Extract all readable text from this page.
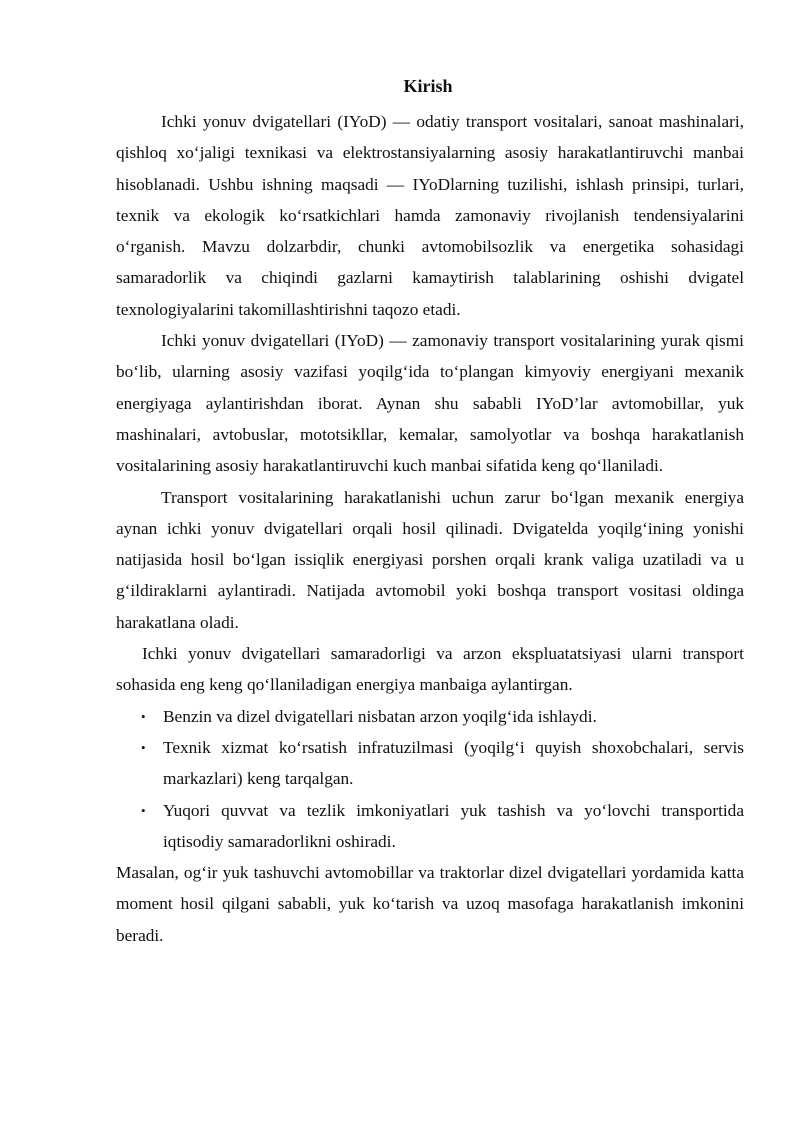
Kirish

Ichki yonuv dvigatellari (IYoD) — odatiy transport vositalari, sanoat mashinalari, qishloq xo‘jaligi texnikasi va elektrostansiyalarning asosiy harakatlantiruvchi manbai hisoblanadi. Ushbu ishning maqsadi — IYoDlarning tuzilishi, ishlash prinsipi, turlari, texnik va ekologik ko‘rsatkichlari hamda zamonaviy rivojlanish tendensiyalarini o‘rganish. Mavzu dolzarbdir, chunki avtomobilsozlik va energetika sohasidagi samaradorlik va chiqindi gazlarni kamaytirish talablarining oshishi dvigatel texnologiyalarini takomillashtirishni taqozo etadi.

Ichki yonuv dvigatellari (IYoD) — zamonaviy transport vositalarining yurak qismi bo‘lib, ularning asosiy vazifasi yoqilg‘ida to‘plangan kimyoviy energiyani mexanik energiyaga aylantirishdan iborat. Aynan shu sababli IYoD’lar avtomobillar, yuk mashinalari, avtobuslar, mototsikllar, kemalar, samolyotlar va boshqa harakatlanish vositalarining asosiy harakatlantiruvchi kuch manbai sifatida keng qo‘llaniladi.

Transport vositalarining harakatlanishi uchun zarur bo‘lgan mexanik energiya aynan ichki yonuv dvigatellari orqali hosil qilinadi. Dvigatelda yoqilg‘ining yonishi natijasida hosil bo‘lgan issiqlik energiyasi porshen orqali krank valiga uzatiladi va u g‘ildiraklarni aylantiradi. Natijada avtomobil yoki boshqa transport vositasi oldinga harakatlana oladi.

Ichki yonuv dvigatellari samaradorligi va arzon ekspluatatsiyasi ularni transport sohasida eng keng qo‘llaniladigan energiya manbaiga aylantirgan.

• Benzin va dizel dvigatellari nisbatan arzon yoqilg‘ida ishlaydi.
• Texnik xizmat ko‘rsatish infratuzilmasi (yoqilg‘i quyish shoxobchalari, servis markazlari) keng tarqalgan.
• Yuqori quvvat va tezlik imkoniyatlari yuk tashish va yo‘lovchi transportida iqtisodiy samaradorlikni oshiradi.

Masalan, og‘ir yuk tashuvchi avtomobillar va traktorlar dizel dvigatellari yordamida katta moment hosil qilgani sababli, yuk ko‘tarish va uzoq masofaga harakatlanish imkonini beradi.
